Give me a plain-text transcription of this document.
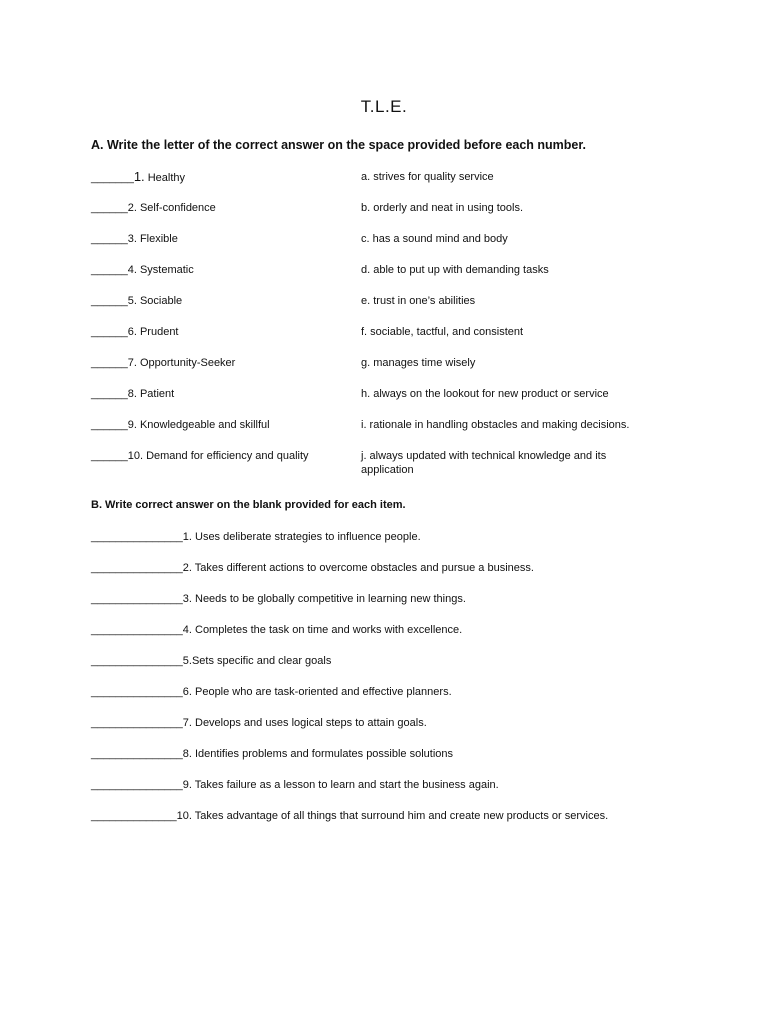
T.L.E.
A. Write the letter of the correct answer on the space provided before each number.
_______1. Healthy	a. strives for quality service
______2. Self-confidence	b. orderly and neat in using tools.
______3. Flexible	c. has a sound mind and body
______4. Systematic	d. able to put up with demanding tasks
______5. Sociable	e. trust in one’s abilities
______6. Prudent	f. sociable, tactful, and consistent
______7. Opportunity-Seeker	g. manages time wisely
______8. Patient	h. always on the lookout for new product or service
______9. Knowledgeable and skillful	i. rationale in handling obstacles and making decisions.
______10. Demand for efficiency and quality	j. always updated with technical knowledge and its application
B. Write correct answer on the blank provided for each item.
_______________1. Uses deliberate strategies to influence people.
_______________2. Takes different actions to overcome obstacles and pursue a business.
_______________3. Needs to be globally competitive in learning new things.
_______________4. Completes the task on time and works with excellence.
_______________5.Sets specific and clear goals
_______________6. People who are task-oriented and effective planners.
_______________7. Develops and uses logical steps to attain goals.
_______________8. Identifies problems and formulates possible solutions
_______________9. Takes failure as a lesson to learn and start the business again.
______________10. Takes advantage of all things that surround him and create new products or services.
